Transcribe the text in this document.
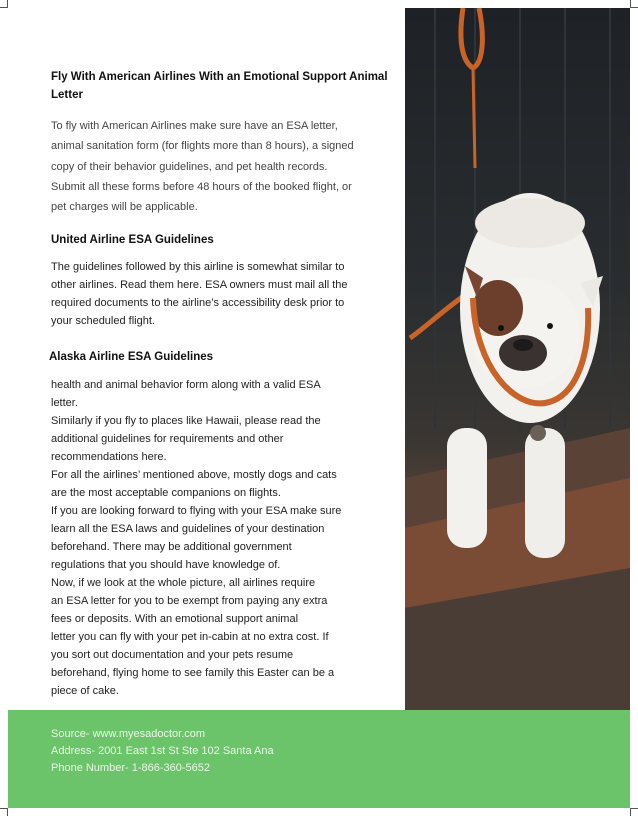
Fly With American Airlines With an Emotional Support Animal Letter

To fly with American Airlines make sure have an ESA letter,

animal sanitation form (for flights more than 8 hours), a signed

copy of their behavior guidelines, and pet health records.

Submit all these forms before 48 hours of the booked flight, or

pet charges will be applicable.

United Airline ESA Guidelines

The guidelines followed by this airline is somewhat similar to

other airlines. Read them here. ESA owners must mail all the

required documents to the airline’s accessibility desk prior to

your scheduled flight.

Alaska Airline ESA Guidelines

health and animal behavior form along with a valid ESA

letter.

Similarly if you fly to places like Hawaii, please read the

additional guidelines for requirements and other

recommendations here.

For all the airlines’ mentioned above, mostly dogs and cats

are the most acceptable companions on flights.

If you are looking forward to flying with your ESA make sure

learn all the ESA laws and guidelines of your destination

beforehand. There may be additional government

regulations that you should have knowledge of.

Now, if we look at the whole picture, all airlines require

an ESA letter for you to be exempt from paying any extra

fees or deposits. With an emotional support animal

letter you can fly with your pet in-cabin at no extra cost. If

you sort out documentation and your pets resume

beforehand, flying home to see family this Easter can be a

piece of cake.

Source- www.myesadoctor.com
Address- 2001 East 1st St Ste 102 Santa Ana
Phone Number- 1-866-360-5652
